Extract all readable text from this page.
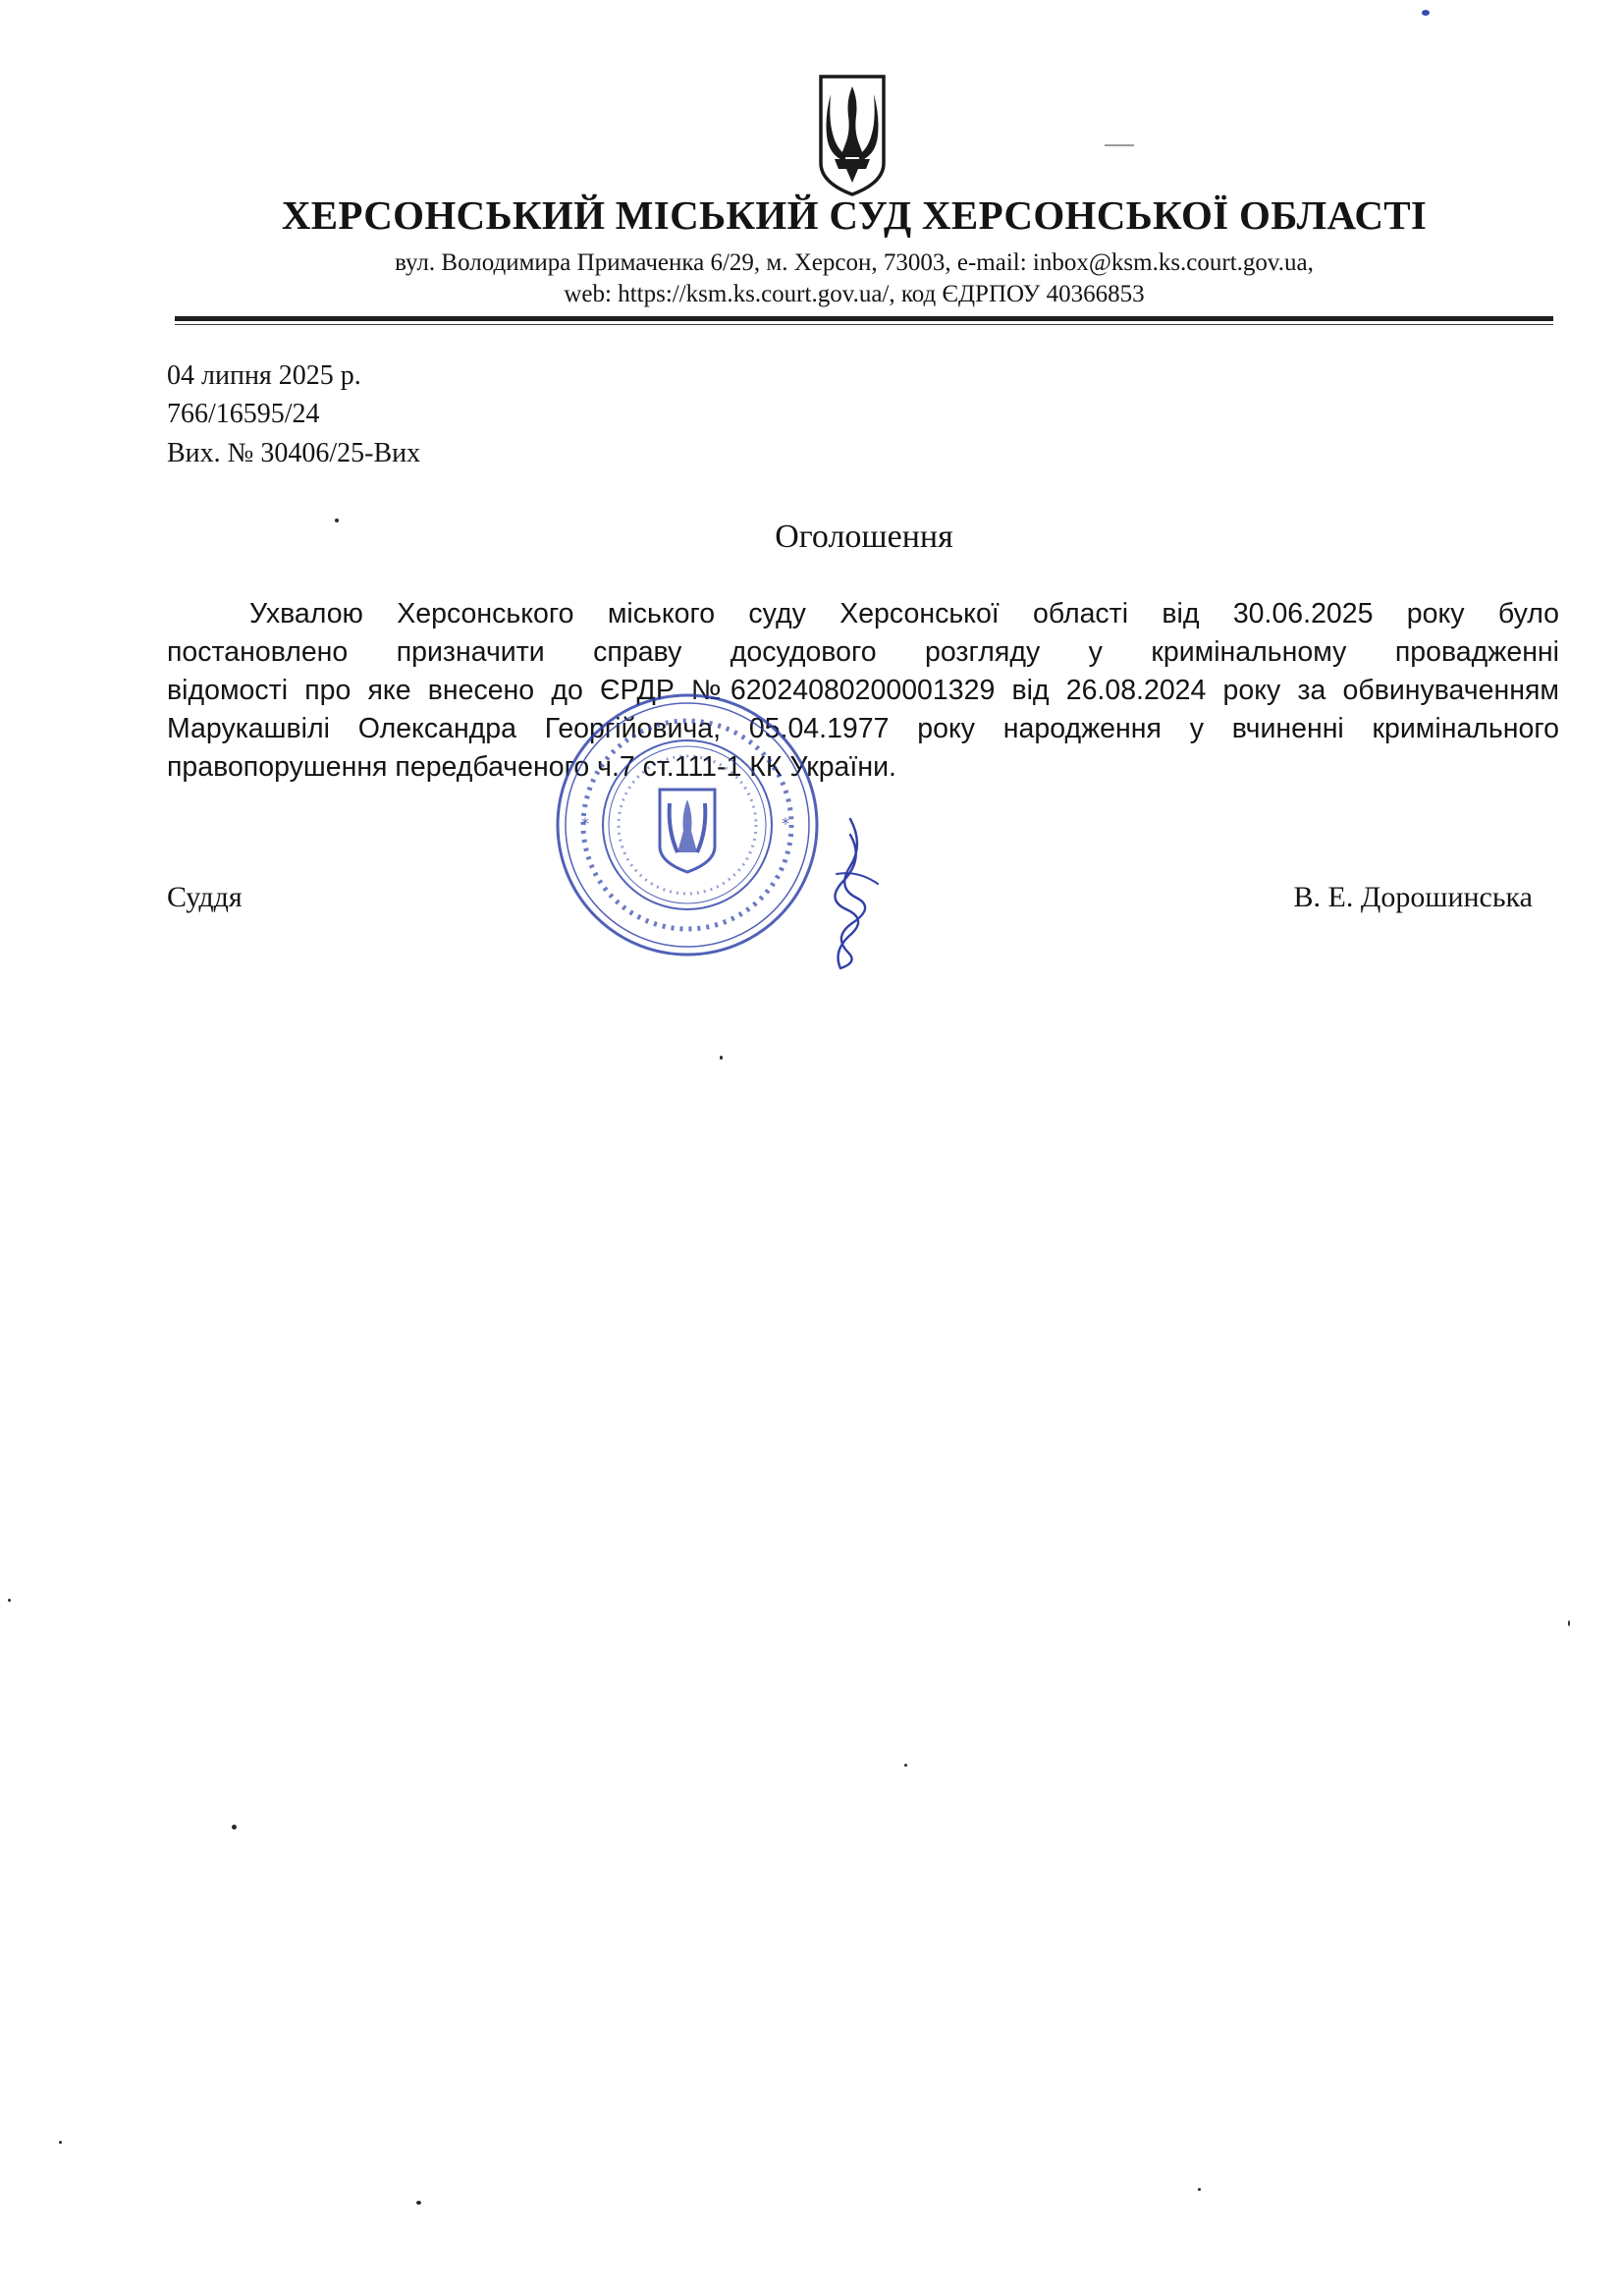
ХЕРСОНСЬКИЙ МІСЬКИЙ СУД ХЕРСОНСЬКОЇ ОБЛАСТІ
вул. Володимира Примаченка 6/29, м. Херсон, 73003, e-mail: inbox@ksm.ks.court.gov.ua,
web: https://ksm.ks.court.gov.ua/, код ЄДРПОУ 40366853
04 липня 2025 р.
766/16595/24
Вих. № 30406/25-Вих
Оголошення
Ухвалою Херсонського міського суду Херсонської області від 30.06.2025 року було
постановлено призначити справу досудового розгляду у кримінальному провадженні
відомості про яке внесено до ЄРДР №62024080200001329 від 26.08.2024 року за обвинуваченням
Марукашвілі Олександра Георгійовича, 05.04.1977 року народження у вчиненні кримінального
правопорушення передбаченого ч.7 ст.111-1 КК України.
*	*
Суддя	В. Е. Дорошинська
